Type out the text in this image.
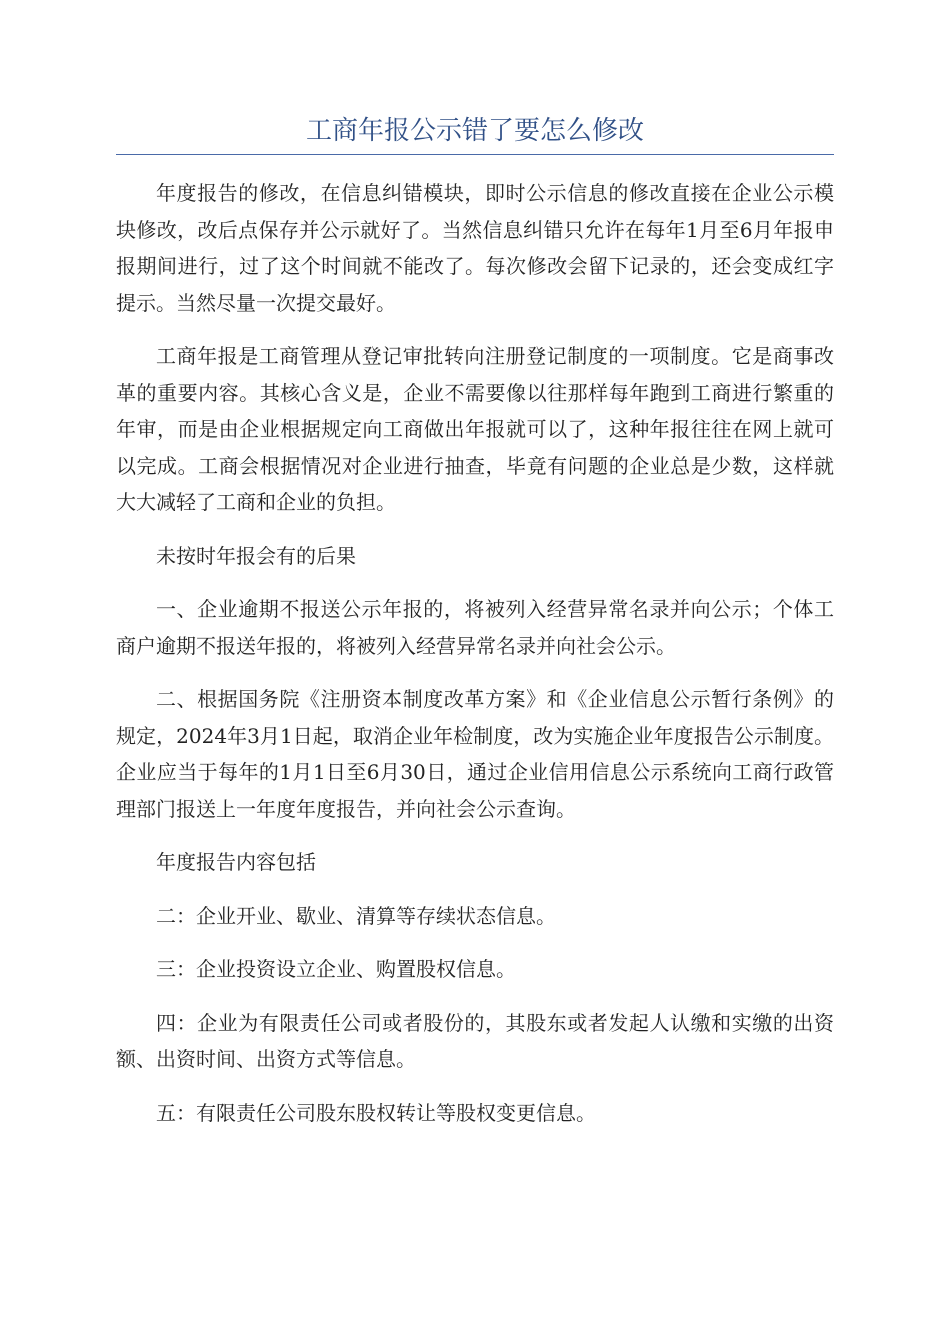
工商年报公示错了要怎么修改

年度报告的修改，在信息纠错模块，即时公示信息的修改直接在企业公示模块修改，改后点保存并公示就好了。当然信息纠错只允许在每年1月至6月年报申报期间进行，过了这个时间就不能改了。每次修改会留下记录的，还会变成红字提示。当然尽量一次提交最好。

工商年报是工商管理从登记审批转向注册登记制度的一项制度。它是商事改革的重要内容。其核心含义是，企业不需要像以往那样每年跑到工商进行繁重的年审，而是由企业根据规定向工商做出年报就可以了，这种年报往往在网上就可以完成。工商会根据情况对企业进行抽查，毕竟有问题的企业总是少数，这样就大大减轻了工商和企业的负担。

未按时年报会有的后果

一、企业逾期不报送公示年报的，将被列入经营异常名录并向公示；个体工商户逾期不报送年报的，将被列入经营异常名录并向社会公示。

二、根据国务院《注册资本制度改革方案》和《企业信息公示暂行条例》的规定，2024年3月1日起，取消企业年检制度，改为实施企业年度报告公示制度。企业应当于每年的1月1日至6月30日，通过企业信用信息公示系统向工商行政管理部门报送上一年度年度报告，并向社会公示查询。

年度报告内容包括

二：企业开业、歇业、清算等存续状态信息。

三：企业投资设立企业、购置股权信息。

四：企业为有限责任公司或者股份的，其股东或者发起人认缴和实缴的出资额、出资时间、出资方式等信息。

五：有限责任公司股东股权转让等股权变更信息。
